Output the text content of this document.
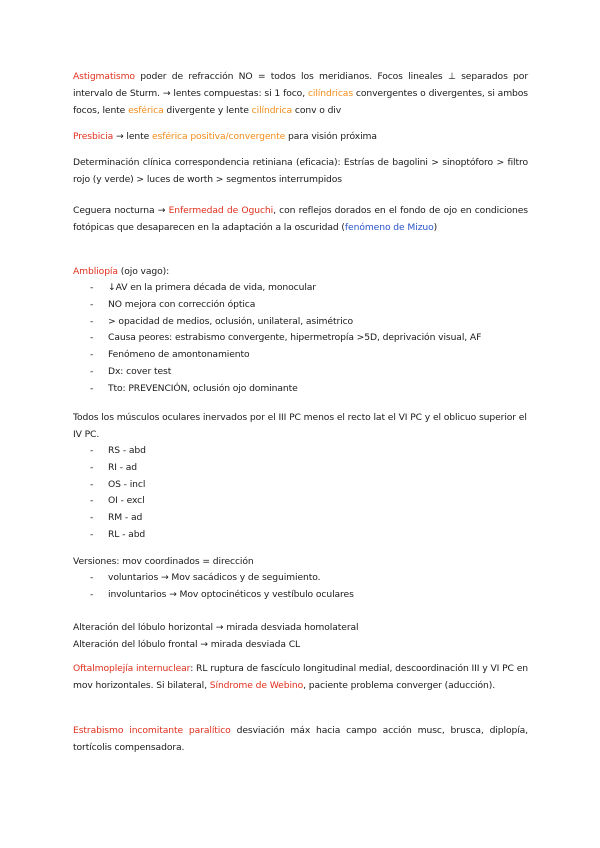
Astigmatismo poder de refracción NO = todos los meridianos. Focos lineales ⊥ separados por intervalo de Sturm. → lentes compuestas: si 1 foco, cilíndricas convergentes o divergentes, si ambos focos, lente esférica divergente y lente cilíndrica conv o div

Presbicia → lente esférica positiva/convergente para visión próxima

Determinación clínica correspondencia retiniana (eficacia): Estrías de bagolini > sinoptóforo > filtro rojo (y verde) > luces de worth > segmentos interrumpidos

Ceguera nocturna → Enfermedad de Oguchi, con reflejos dorados en el fondo de ojo en condiciones fotópicas que desaparecen en la adaptación a la oscuridad (fenómeno de Mizuo)

Ambliopía (ojo vago):
- ↓AV en la primera década de vida, monocular
- NO mejora con corrección óptica
- > opacidad de medios, oclusión, unilateral, asimétrico
- Causa peores: estrabismo convergente, hipermetropía >5D, deprivación visual, AF
- Fenómeno de amontonamiento
- Dx: cover test
- Tto: PREVENCIÓN, oclusión ojo dominante
Todos los músculos oculares inervados por el III PC menos el recto lat el VI PC y el oblicuo superior el IV PC.
- RS - abd
- RI - ad
- OS - incl
- OI - excl
- RM - ad
- RL - abd
Versiones: mov coordinados = dirección
- voluntarios → Mov sacádicos y de seguimiento.
- involuntarios → Mov optocinéticos y vestíbulo oculares
Alteración del lóbulo horizontal → mirada desviada homolateral
Alteración del lóbulo frontal → mirada desviada CL

Oftalmoplejía internuclear: RL ruptura de fascículo longitudinal medial, descoordinación III y VI PC en mov horizontales. Si bilateral, Síndrome de Webino, paciente problema converger (aducción).

Estrabismo incomitante paralítico desviación máx hacia campo acción musc, brusca, diplopía, tortícolis compensadora.
